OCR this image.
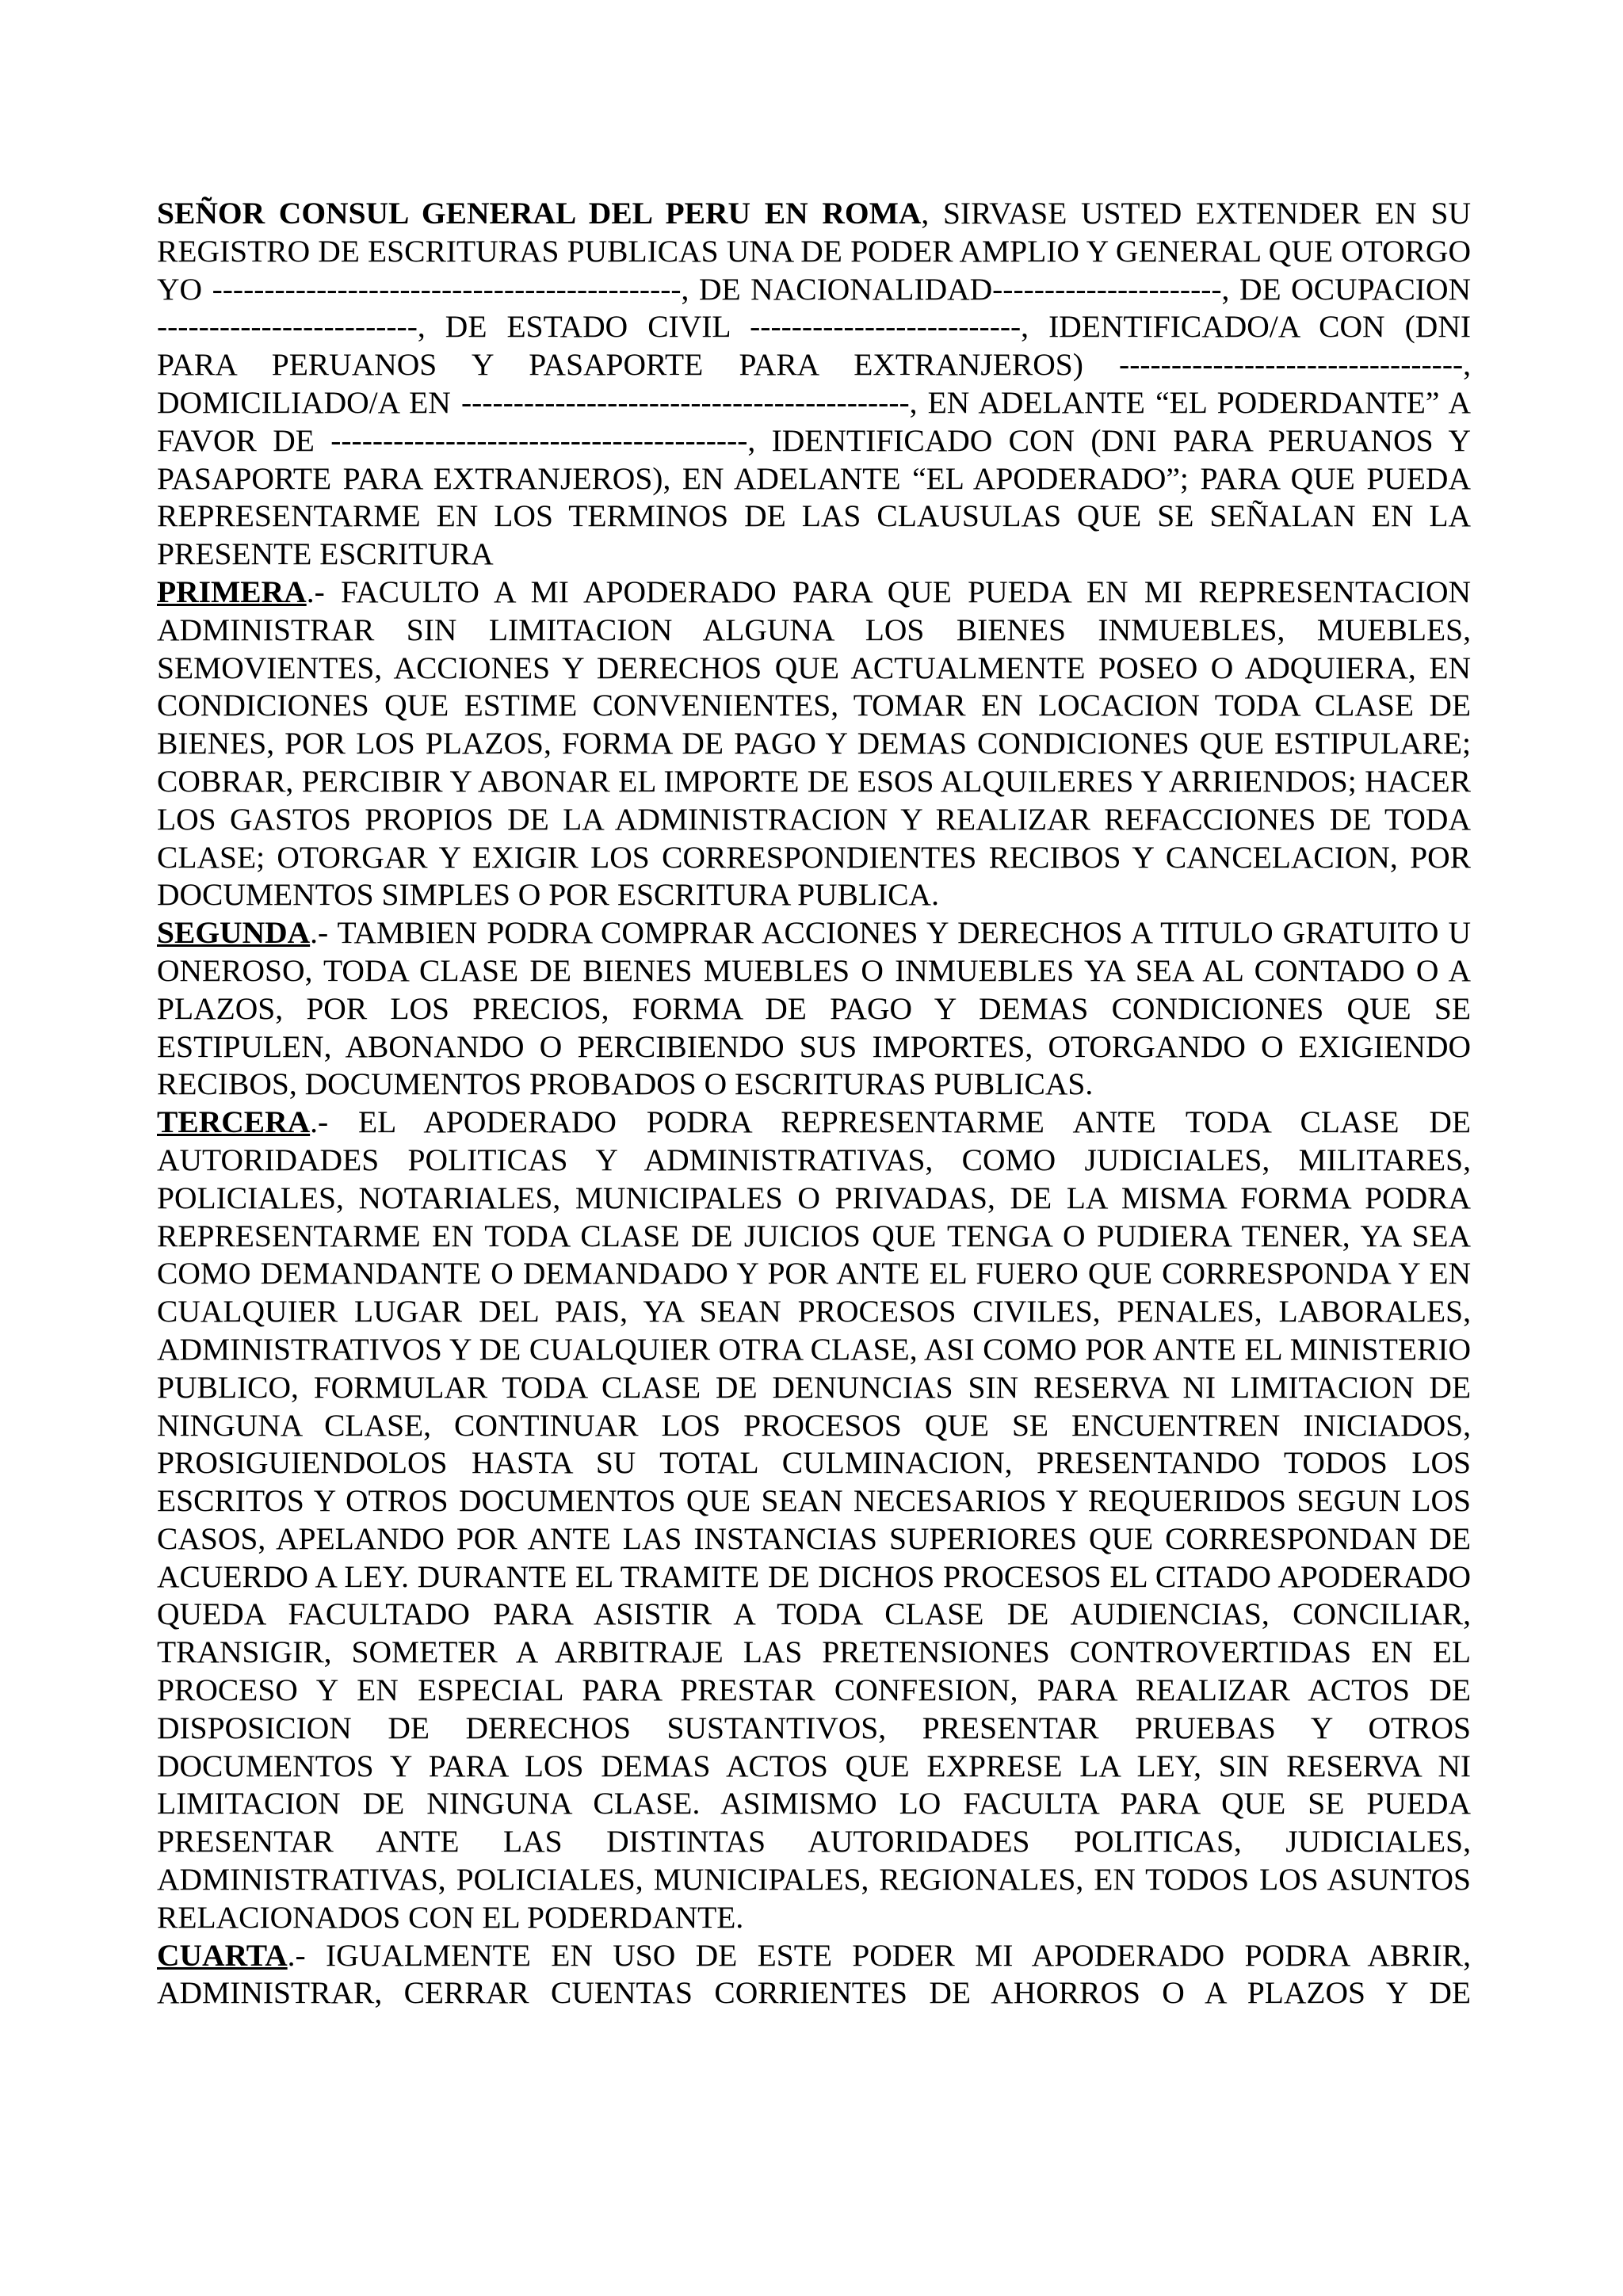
SEÑOR CONSUL GENERAL DEL PERU EN ROMA, SIRVASE USTED EXTENDER EN SU REGISTRO DE ESCRITURAS PUBLICAS UNA DE PODER AMPLIO Y GENERAL QUE OTORGO YO ---------------------------------------------, DE NACIONALIDAD----------------------, DE OCUPACION -------------------------, DE ESTADO CIVIL --------------------------, IDENTIFICADO/A CON (DNI PARA PERUANOS Y PASAPORTE PARA EXTRANJEROS) ---------------------------------, DOMICILIADO/A EN -------------------------------------------, EN ADELANTE “EL PODERDANTE” A FAVOR DE ----------------------------------------, IDENTIFICADO CON (DNI PARA PERUANOS Y PASAPORTE PARA EXTRANJEROS), EN ADELANTE “EL APODERADO”; PARA QUE PUEDA REPRESENTARME EN LOS TERMINOS DE LAS CLAUSULAS QUE SE SEÑALAN EN LA PRESENTE ESCRITURA

PRIMERA.- FACULTO A MI APODERADO PARA QUE PUEDA EN MI REPRESENTACION ADMINISTRAR SIN LIMITACION ALGUNA LOS BIENES INMUEBLES, MUEBLES, SEMOVIENTES, ACCIONES Y DERECHOS QUE ACTUALMENTE POSEO O ADQUIERA, EN CONDICIONES QUE ESTIME CONVENIENTES, TOMAR EN LOCACION TODA CLASE DE BIENES, POR LOS PLAZOS, FORMA DE PAGO Y DEMAS CONDICIONES QUE ESTIPULARE; COBRAR, PERCIBIR Y ABONAR EL IMPORTE DE ESOS ALQUILERES Y ARRIENDOS; HACER LOS GASTOS PROPIOS DE LA ADMINISTRACION Y REALIZAR REFACCIONES DE TODA CLASE; OTORGAR Y EXIGIR LOS CORRESPONDIENTES RECIBOS Y CANCELACION, POR DOCUMENTOS SIMPLES O POR ESCRITURA PUBLICA.

SEGUNDA.- TAMBIEN PODRA COMPRAR ACCIONES Y DERECHOS A TITULO GRATUITO U ONEROSO, TODA CLASE DE BIENES MUEBLES O INMUEBLES YA SEA AL CONTADO O A PLAZOS, POR LOS PRECIOS, FORMA DE PAGO Y DEMAS CONDICIONES QUE SE ESTIPULEN, ABONANDO O PERCIBIENDO SUS IMPORTES, OTORGANDO O EXIGIENDO RECIBOS, DOCUMENTOS PROBADOS O ESCRITURAS PUBLICAS.

TERCERA.- EL APODERADO PODRA REPRESENTARME ANTE TODA CLASE DE AUTORIDADES POLITICAS Y ADMINISTRATIVAS, COMO JUDICIALES, MILITARES, POLICIALES, NOTARIALES, MUNICIPALES O PRIVADAS, DE LA MISMA FORMA PODRA REPRESENTARME EN TODA CLASE DE JUICIOS QUE TENGA O PUDIERA TENER, YA SEA COMO DEMANDANTE O DEMANDADO Y POR ANTE EL FUERO QUE CORRESPONDA Y EN CUALQUIER LUGAR DEL PAIS, YA SEAN PROCESOS CIVILES, PENALES, LABORALES, ADMINISTRATIVOS Y DE CUALQUIER OTRA CLASE, ASI COMO POR ANTE EL MINISTERIO PUBLICO, FORMULAR TODA CLASE DE DENUNCIAS SIN RESERVA NI LIMITACION DE NINGUNA CLASE, CONTINUAR LOS PROCESOS QUE SE ENCUENTREN INICIADOS, PROSIGUIENDOLOS HASTA SU TOTAL CULMINACION, PRESENTANDO TODOS LOS ESCRITOS Y OTROS DOCUMENTOS QUE SEAN NECESARIOS Y REQUERIDOS SEGUN LOS CASOS, APELANDO POR ANTE LAS INSTANCIAS SUPERIORES QUE CORRESPONDAN DE ACUERDO A LEY. DURANTE EL TRAMITE DE DICHOS PROCESOS EL CITADO APODERADO QUEDA FACULTADO PARA ASISTIR A TODA CLASE DE AUDIENCIAS, CONCILIAR, TRANSIGIR, SOMETER A ARBITRAJE LAS PRETENSIONES CONTROVERTIDAS EN EL PROCESO Y EN ESPECIAL PARA PRESTAR CONFESION, PARA REALIZAR ACTOS DE DISPOSICION DE DERECHOS SUSTANTIVOS, PRESENTAR PRUEBAS Y OTROS DOCUMENTOS Y PARA LOS DEMAS ACTOS QUE EXPRESE LA LEY, SIN RESERVA NI LIMITACION DE NINGUNA CLASE. ASIMISMO LO FACULTA PARA QUE SE PUEDA PRESENTAR ANTE LAS DISTINTAS AUTORIDADES POLITICAS, JUDICIALES, ADMINISTRATIVAS, POLICIALES, MUNICIPALES, REGIONALES, EN TODOS LOS ASUNTOS RELACIONADOS CON EL PODERDANTE.

CUARTA.- IGUALMENTE EN USO DE ESTE PODER MI APODERADO PODRA ABRIR, ADMINISTRAR, CERRAR CUENTAS CORRIENTES DE AHORROS O A PLAZOS Y DE
